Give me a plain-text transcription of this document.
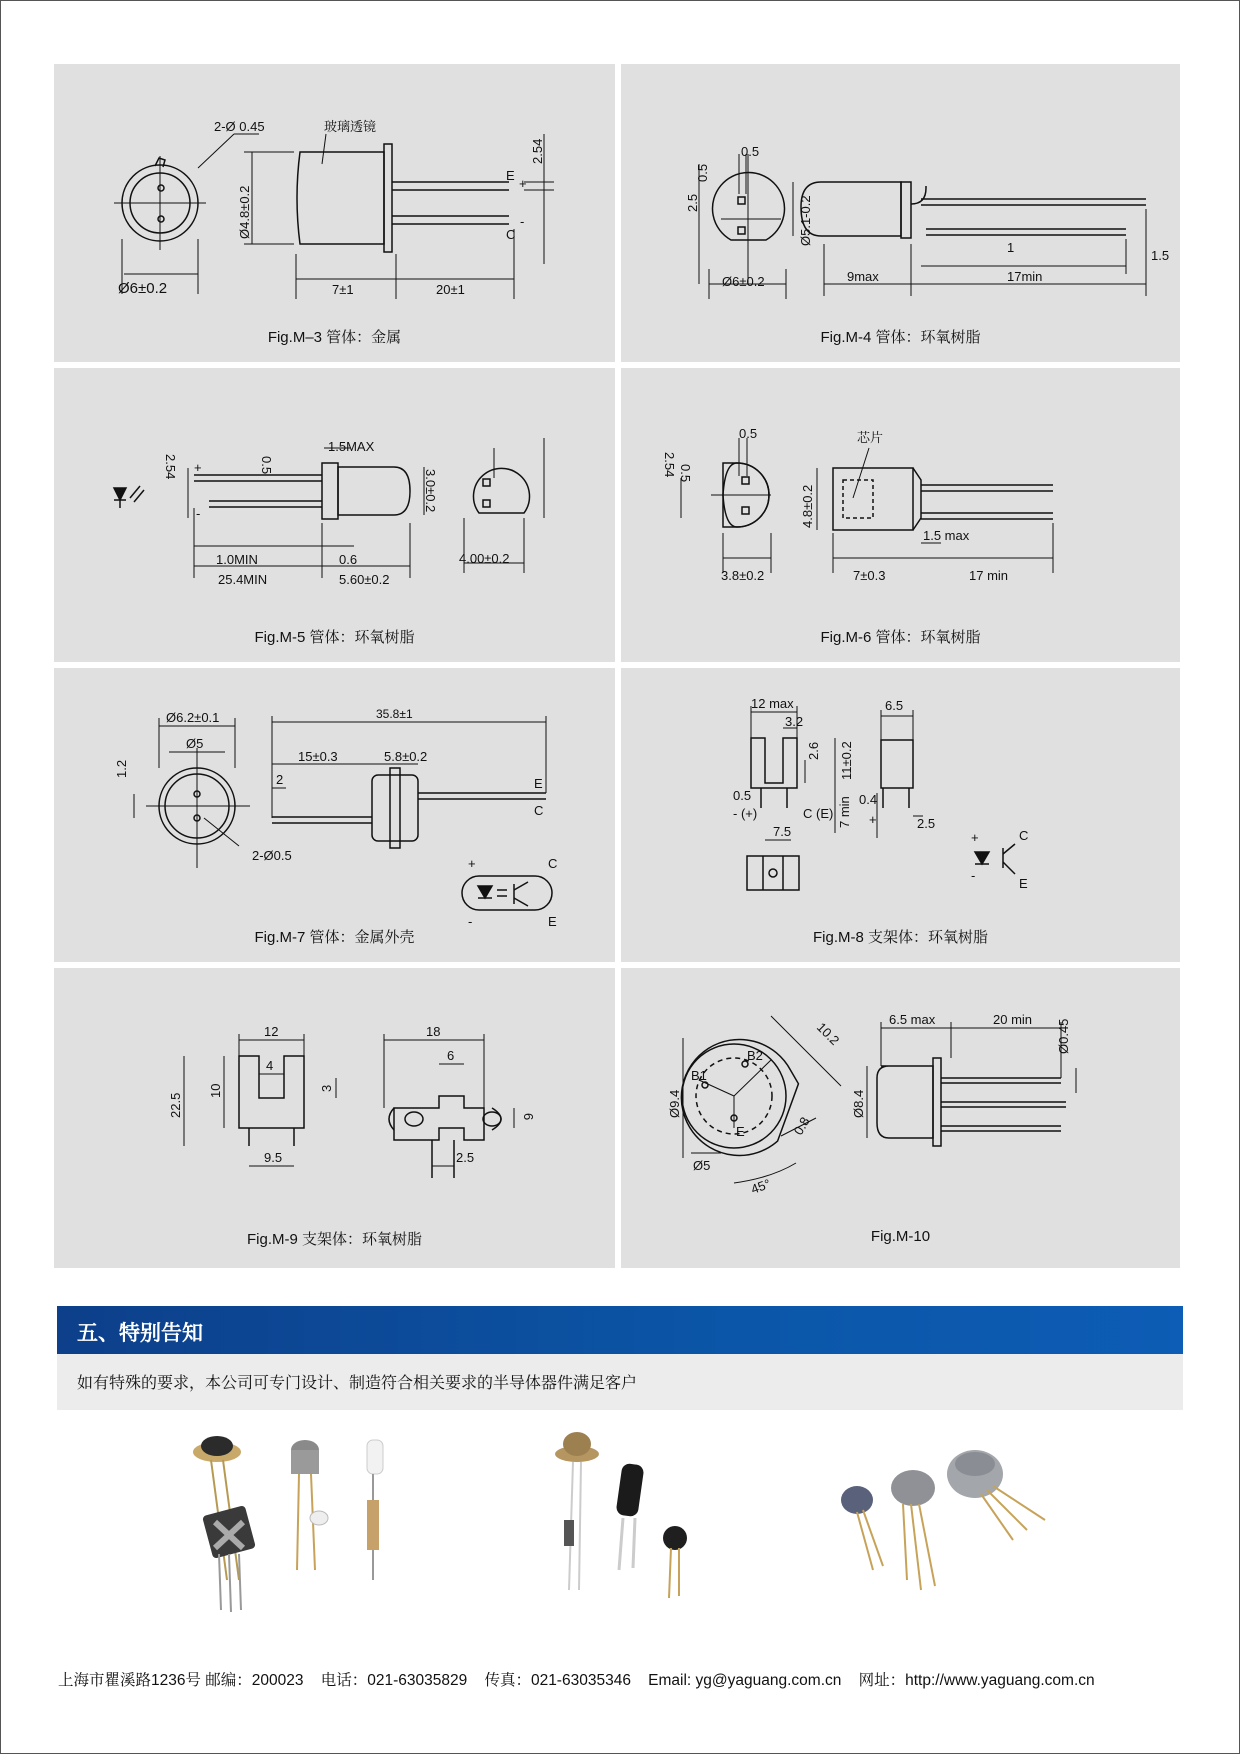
2-Ø 0.45	玻璃透镜
2.54
E
+
Ø4.8±0.2	C
-
Ø6±0.2	7±1	20±1
Fig.M–3 管体：金属
0.5
0.5
2.5	Ø5.1-0.2
1
1.5
Ø6±0.2	9max	17min
Fig.M-4 管体：环氧树脂
1.5MAX
0.5
2.54 +
-
3.0±0.2
1.0MIN	0.6
25.4MIN	5.60±0.2
4.00±0.2
Fig.M-5 管体：环氧树脂
0.5	芯片
2.54 0.5
4.8±0.2
1.5 max
3.8±0.2	7±0.3	17 min
Fig.M-6 管体：环氧树脂
Ø6.2±0.1	35.8±1
Ø5
1.2
15±0.3	5.8±0.2
2	E
C
2-Ø0.5
+	C
-	E
Fig.M-7 管体：金属外壳
12 max	6.5
3.2
2.6 11±0.2
0.5
7 min 0.4
- (+)	C (E)
7.5
+	2.5
+	C
-
E
Fig.M-8 支架体：环氧树脂
12	18
4
6
3
10
22.5	6
9.5	2.5
Fig.M-9 支架体：环氧树脂
6.5 max	20 min Ø0.45
10.2
B2
B1
Ø9.4	Ø8.4
E	0.8
Ø5
45°
Fig.M-10
五、特别告知
如有特殊的要求，本公司可专门设计、制造符合相关要求的半导体器件满足客户
上海市瞿溪路1236号 邮编：200023    电话：021-63035829    传真：021-63035346    Email: yg@yaguang.com.cn    网址：http://www.yaguang.com.cn
